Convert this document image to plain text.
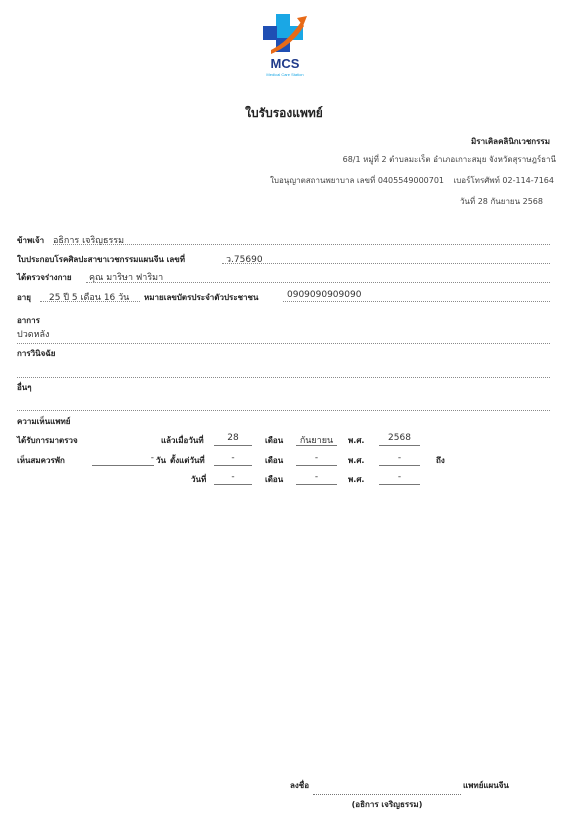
MCS
Medical Care Station
ใบรับรองแพทย์
มิราเคิลคลินิกเวชกรรม
68/1 หมู่ที่ 2 ตำบลมะเร็ต อำเภอเกาะสมุย จังหวัดสุราษฎร์ธานี
ใบอนุญาตสถานพยาบาล เลขที่ 0405549000701 เบอร์โทรศัพท์ 02-114-7164
วันที่ 28 กันยายน 2568
ข้าพเจ้า อธิการ เจริญธรรม
ใบประกอบโรคศิลปะสาขาเวชกรรมแผนจีน เลขที่	ว.75690
ได้ตรวจร่างกาย คุณ มาริษา ฟาริมา
อายุ 25 ปี 5 เดือน 16 วัน หมายเลขบัตรประจำตัวประชาชน	0909090909090
อาการ
ปวดหลัง
การวินิจฉัย
อื่นๆ
ความเห็นแพทย์
ได้รับการมาตรวจ	แล้วเมื่อวันที่	28	เดือน	กันยายน	พ.ศ.	2568
เห็นสมควรพัก	- วัน ตั้งแต่วันที่	-	เดือน	-	พ.ศ.	-	ถึง
วันที่	-	เดือน	-	พ.ศ.	-
ลงชื่อ	แพทย์แผนจีน
(อธิการ เจริญธรรม)
